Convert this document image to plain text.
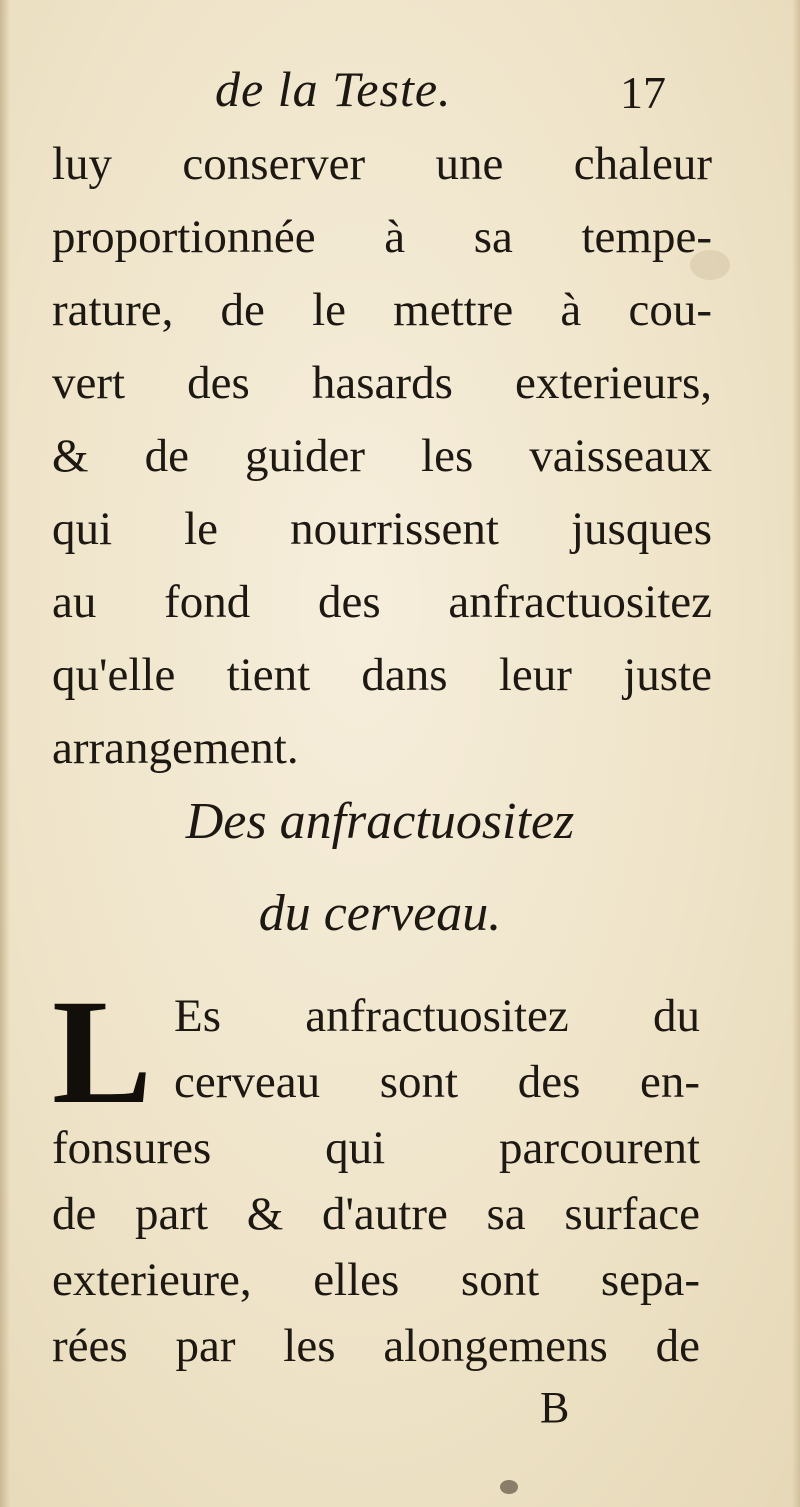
de la Teste.	17
luy conserver une chaleur
proportionnée à sa tempe-
rature, de le mettre à cou-
vert des hasards exterieurs,
& de guider les vaisseaux
qui le nourrissent jusques
au fond des anfractuositez
qu'elle tient dans leur juste
arrangement.
Des anfractuositez
du cerveau.
L Es anfractuositez du
cerveau sont des en-
fonsures qui parcourent
de part & d'autre sa surface
exterieure, elles sont sepa-
rées par les alongemens de
B
